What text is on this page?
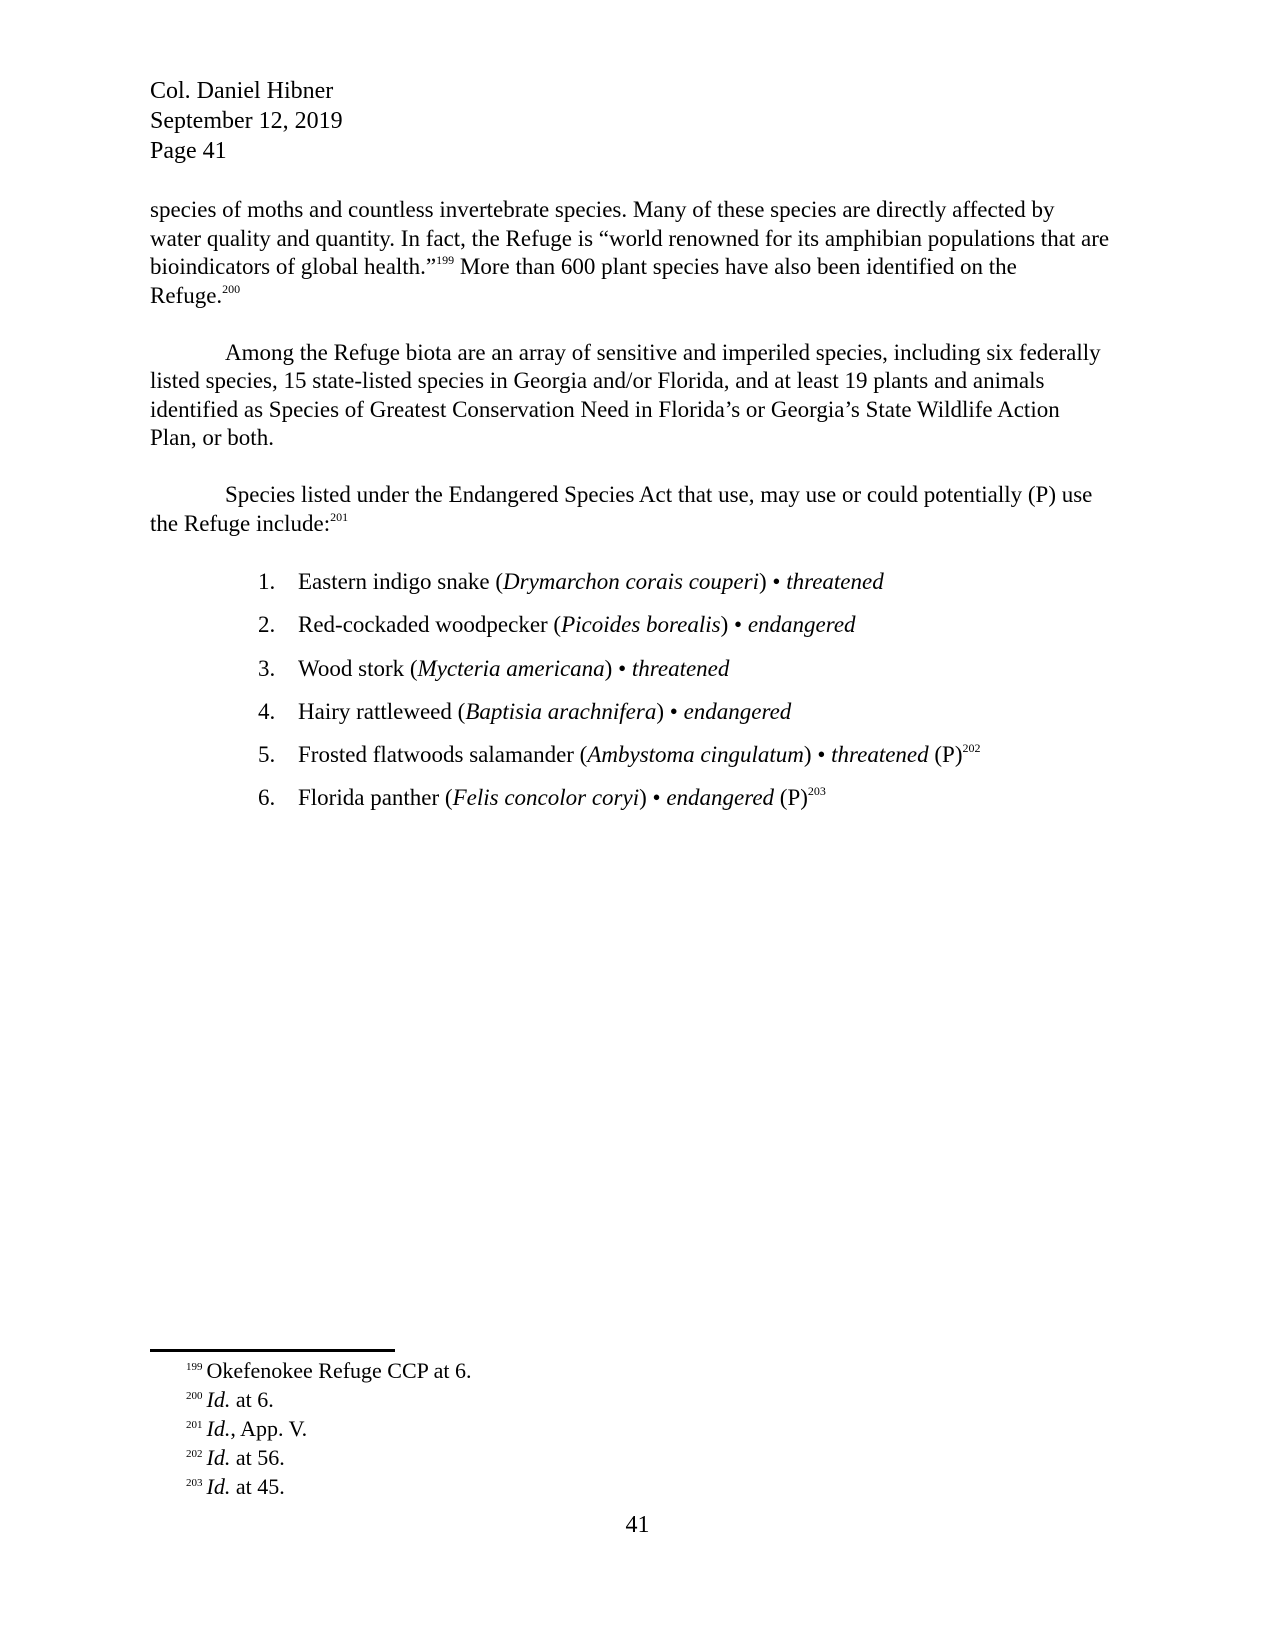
Col. Daniel Hibner
September 12, 2019
Page 41

species of moths and countless invertebrate species. Many of these species are directly affected by water quality and quantity. In fact, the Refuge is “world renowned for its amphibian populations that are bioindicators of global health.”$^{199}$ More than 600 plant species have also been identified on the Refuge.$^{200}$

Among the Refuge biota are an array of sensitive and imperiled species, including six federally listed species, 15 state-listed species in Georgia and/or Florida, and at least 19 plants and animals identified as Species of Greatest Conservation Need in Florida’s or Georgia’s State Wildlife Action Plan, or both.

Species listed under the Endangered Species Act that use, may use or could potentially (P) use the Refuge include:$^{201}$

1. Eastern indigo snake (Drymarchon corais couperi) • threatened
2. Red-cockaded woodpecker (Picoides borealis) • endangered
3. Wood stork (Mycteria americana) • threatened
4. Hairy rattleweed (Baptisia arachnifera) • endangered
5. Frosted flatwoods salamander (Ambystoma cingulatum) • threatened $(P)^{202}$
6. Florida panther (Felis concolor coryi) • endangered $(P)^{203}$
$^{199}$ Okefenokee Refuge CCP at 6.
$^{200}$ Id. at 6.
$^{201}$ Id., App. V.
$^{202}$ Id. at 56.
$^{203}$ Id. at 45.
41
